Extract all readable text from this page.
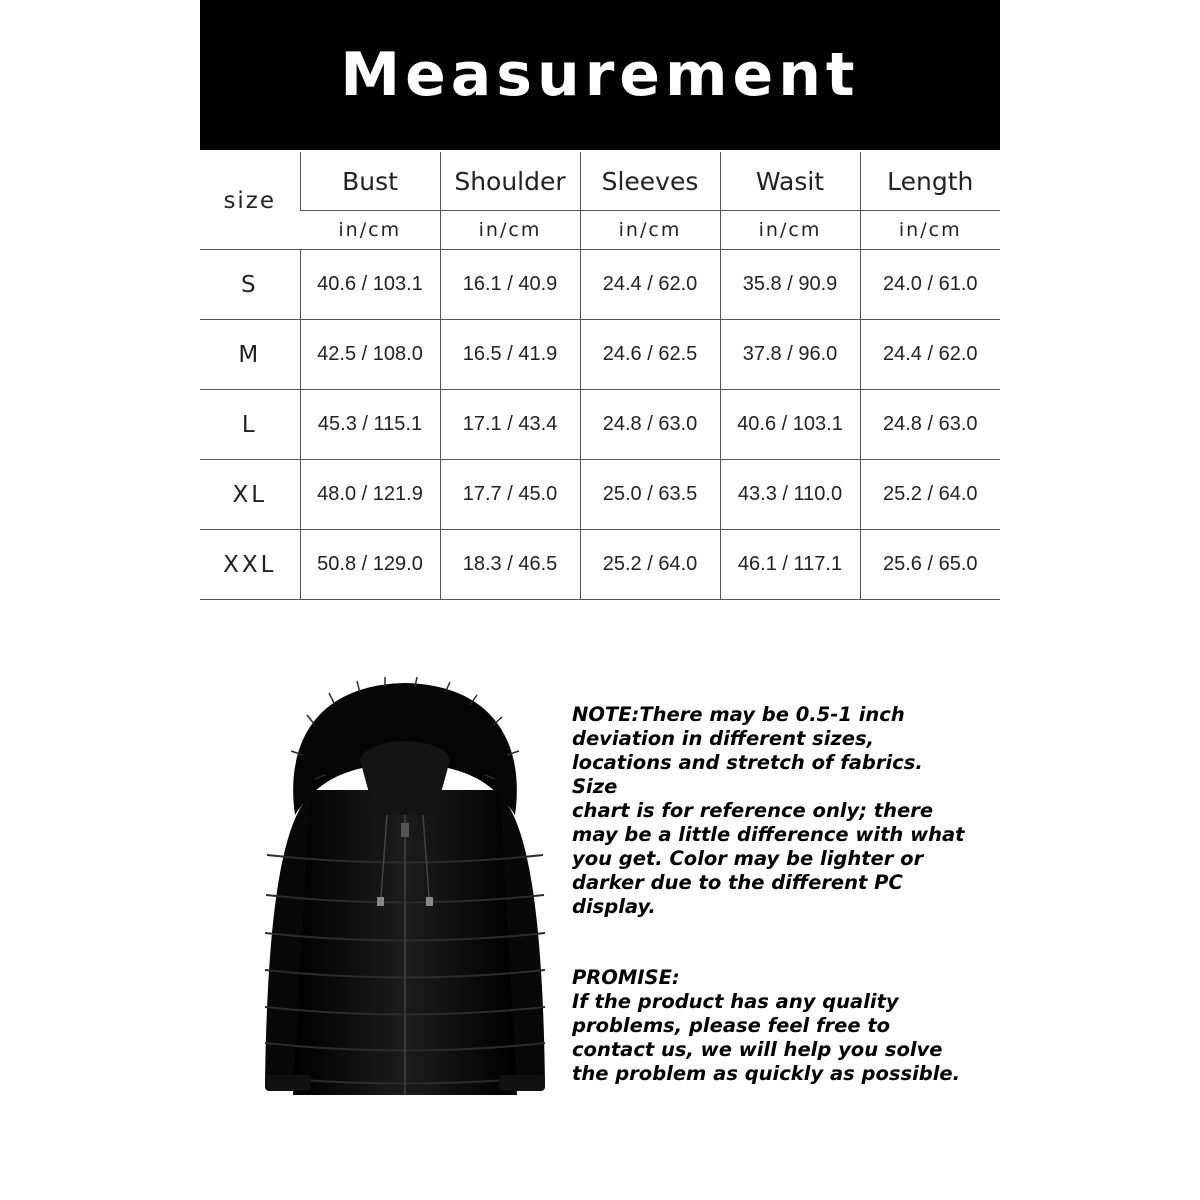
Measurement
size	Bust	Shoulder	Sleeves	Wasit	Length
	in/cm	in/cm	in/cm	in/cm	in/cm
S	40.6 / 103.1	16.1 / 40.9	24.4 / 62.0	35.8 / 90.9	24.0 / 61.0
M	42.5 / 108.0	16.5 / 41.9	24.6 / 62.5	37.8 / 96.0	24.4 / 62.0
L	45.3 / 115.1	17.1 / 43.4	24.8 / 63.0	40.6 / 103.1	24.8 / 63.0
XL	48.0 / 121.9	17.7 / 45.0	25.0 / 63.5	43.3 / 110.0	25.2 / 64.0
XXL	50.8 / 129.0	18.3 / 46.5	25.2 / 64.0	46.1 / 117.1	25.6 / 65.0

NOTE:There may be 0.5-1 inch

deviation in different sizes,

locations and stretch of fabrics. Size

chart is for reference only; there

may be a little difference with what

you get. Color may be lighter or

darker due to the different PC

display.

PROMISE:

If the product has any quality

problems, please feel free to

contact us, we will help you solve

the problem as quickly as possible.
